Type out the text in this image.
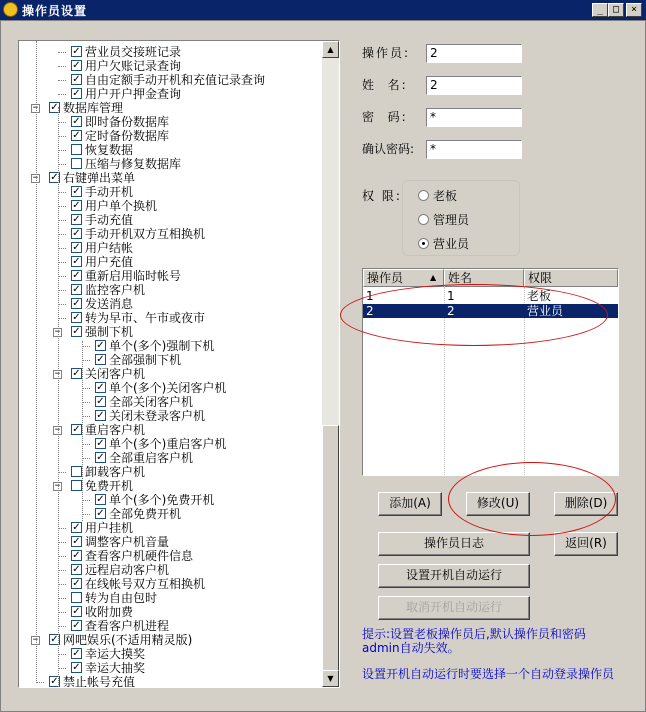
操作员设置	_ □	×
✓营业员交接班记录
✓用户欠账记录查询
✓自由定额手动开机和充值记录查询
✓用户开户押金查询
− ✓	数据库管理
✓即时备份数据库
✓定时备份数据库
恢复数据
压缩与修复数据库
− ✓	右键弹出菜单
✓手动开机
✓用户单个换机
✓手动充值
✓手动开机双方互相换机
✓用户结帐
✓用户充值
✓重新启用临时帐号
✓监控客户机
✓发送消息
✓转为早市、午市或夜市
− ✓	强制下机
✓单个(多个)强制下机
✓全部强制下机
− ✓	关闭客户机
✓单个(多个)关闭客户机
✓全部关闭客户机
✓关闭未登录客户机
− ✓	重启客户机
✓单个(多个)重启客户机
✓全部重启客户机
卸载客户机
−	免费开机
✓单个(多个)免费开机
✓全部免费开机
✓用户挂机
✓调整客户机音量
✓查看客户机硬件信息
✓远程启动客户机
✓在线帐号双方互相换机
转为自由包时
✓收附加费
✓查看客户机进程
− ✓	网吧娱乐(不适用精灵版)
✓幸运大摸奖
✓幸运大抽奖
✓禁止帐号充值
▲
▼
操作员:	2
姓  名:	2
密  码:	*
确认密码:	*
权 限:	老板
管理员
营业员
操作员	▲ 姓名	权限
1	1	老板
2	2	营业员
添加(A)	修改(U)	删除(D)
操作员日志	返回(R)
设置开机自动运行
取消开机自动运行
提示:设置老板操作员后,默认操作员和密码
admin自动失效。
设置开机自动运行时要选择一个自动登录操作员
